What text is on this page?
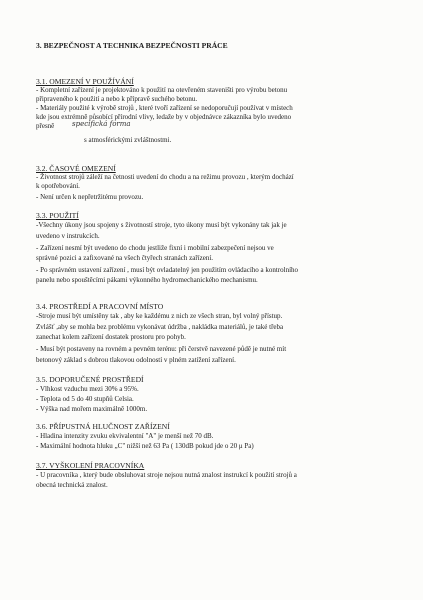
3. BEZPEČNOST A TECHNIKA BEZPEČNOSTI PRÁCE
3.1. OMEZENÍ V POUŽÍVÁNÍ
- Kompletní zařízení je projektováno k použití na otevřeném staveništi pro výrobu betonu
připraveného k použití a nebo k přípravě suchého betonu.
- Materiály použité k výrobě strojů , které tvoří zařízení se nedoporučují používat v místech
kde jsou extrémně působící přírodní vlivy, ledaže by v objednávce zákazníka bylo uvedeno
přesně	specifická forma
s atmosférickými zvláštnostmi.
3.2. ČASOVÉ OMEZENÍ
- Životnost strojů záleží na četnosti uvedení do chodu a na režimu provozu , kterým dochází
k opotřebování.
- Není určen k nepřetržitému provozu.
3.3. POUŽITÍ
-Všechny úkony jsou spojeny s životností stroje, tyto úkony musí být vykonány tak jak je
uvedeno v instrukcích.
- Zařízení nesmí být uvedeno do chodu jestliže fixní i mobilní zabezpečení nejsou ve
správné pozici a zafixované na všech čtyřech stranách zařízení.
- Po správném ustavení zařízení , musí být ovladatelný jen použitím ovládacího a kontrolního
panelu nebo spouštěcími pákami výkonného hydromechanického mechanismu.
3.4. PROSTŘEDÍ A PRACOVNÍ MÍSTO
-Stroje musí být umístěny tak , aby ke každému z nich ze všech stran, byl volný přístup.
Zvlášť ,aby se mohla bez problému vykonávat údržba , nakládka materiálů, je také třeba
zanechat kolem zařízení dostatek prostoru pro pohyb.
- Musí být postaveny na rovném a pevném terénu: při čerstvě navezené půdě je nutné mít
betonový základ s dobrou tlakovou odolností v plném zatížení zařízení.
3.5. DOPORUČENÉ PROSTŘEDÍ
- Vlhkost vzduchu mezi 30% a 95%.
- Teplota od 5 do 40 stupňů Celsia.
- Výška nad mořem maximálně 1000m.
3.6. PŘÍPUSTNÁ HLUČNOST ZAŘÍZENÍ
- Hladina intenzity zvuku ekvivalentní "A" je menší než 70 dB.
- Maximální hodnota hluku „C" nižší než 63 Pa ( 130dB pokud jde o 20 μ Pa)
3.7. VYŠKOLENÍ PRACOVNÍKA
- U pracovníka , který bude obsluhovat stroje nejsou nutná znalost instrukcí k použití strojů a
obecná technická znalost.
